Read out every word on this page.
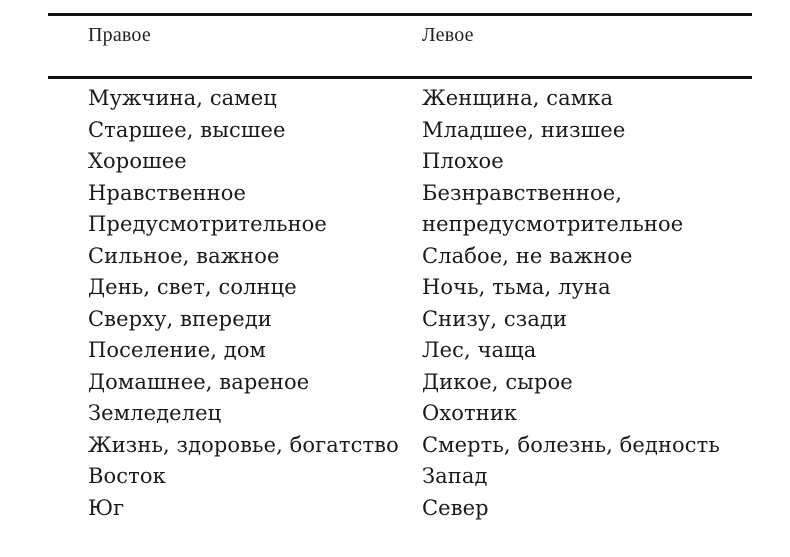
Правое	Левое
Мужчина, самец
Старшее, высшее
Хорошее
Нравственное
Предусмотрительное
Сильное, важное
День, свет, солнце
Сверху, впереди
Поселение, дом
Домашнее, вареное
Земледелец
Жизнь, здоровье, богатство
Восток
Юг
Женщина, самка
Младшее, низшее
Плохое
Безнравственное,
непредусмотрительное
Слабое, не важное
Ночь, тьма, луна
Снизу, сзади
Лес, чаща
Дикое, сырое
Охотник
Смерть, болезнь, бедность
Запад
Север
